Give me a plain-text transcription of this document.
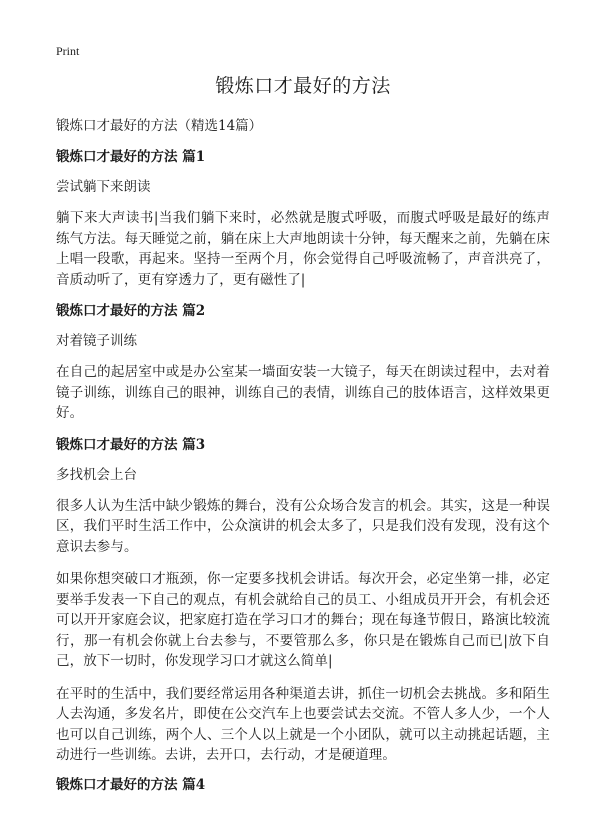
Print
锻炼口才最好的方法
锻炼口才最好的方法（精选14篇）
锻炼口才最好的方法 篇1
尝试躺下来朗读

躺下来大声读书|当我们躺下来时，必然就是腹式呼吸，而腹式呼吸是最好的练声练气方法。每天睡觉之前，躺在床上大声地朗读十分钟，每天醒来之前，先躺在床上唱一段歌，再起来。坚持一至两个月，你会觉得自己呼吸流畅了，声音洪亮了，音质动听了，更有穿透力了，更有磁性了|

锻炼口才最好的方法 篇2
对着镜子训练

在自己的起居室中或是办公室某一墙面安装一大镜子，每天在朗读过程中，去对着镜子训练，训练自己的眼神，训练自己的表情，训练自己的肢体语言，这样效果更好。

锻炼口才最好的方法 篇3
多找机会上台

很多人认为生活中缺少锻炼的舞台，没有公众场合发言的机会。其实，这是一种误区，我们平时生活工作中，公众演讲的机会太多了，只是我们没有发现，没有这个意识去参与。

如果你想突破口才瓶颈，你一定要多找机会讲话。每次开会，必定坐第一排，必定要举手发表一下自己的观点，有机会就给自己的员工、小组成员开开会，有机会还可以开开家庭会议，把家庭打造在学习口才的舞台；现在每逢节假日，路演比较流行，那一有机会你就上台去参与，不要管那么多，你只是在锻炼自己而已|放下自己，放下一切时，你发现学习口才就这么简单|

在平时的生活中，我们要经常运用各种渠道去讲，抓住一切机会去挑战。多和陌生人去沟通，多发名片，即使在公交汽车上也要尝试去交流。不管人多人少，一个人也可以自己训练，两个人、三个人以上就是一个小团队，就可以主动挑起话题，主动进行一些训练。去讲，去开口，去行动，才是硬道理。

锻炼口才最好的方法 篇4
